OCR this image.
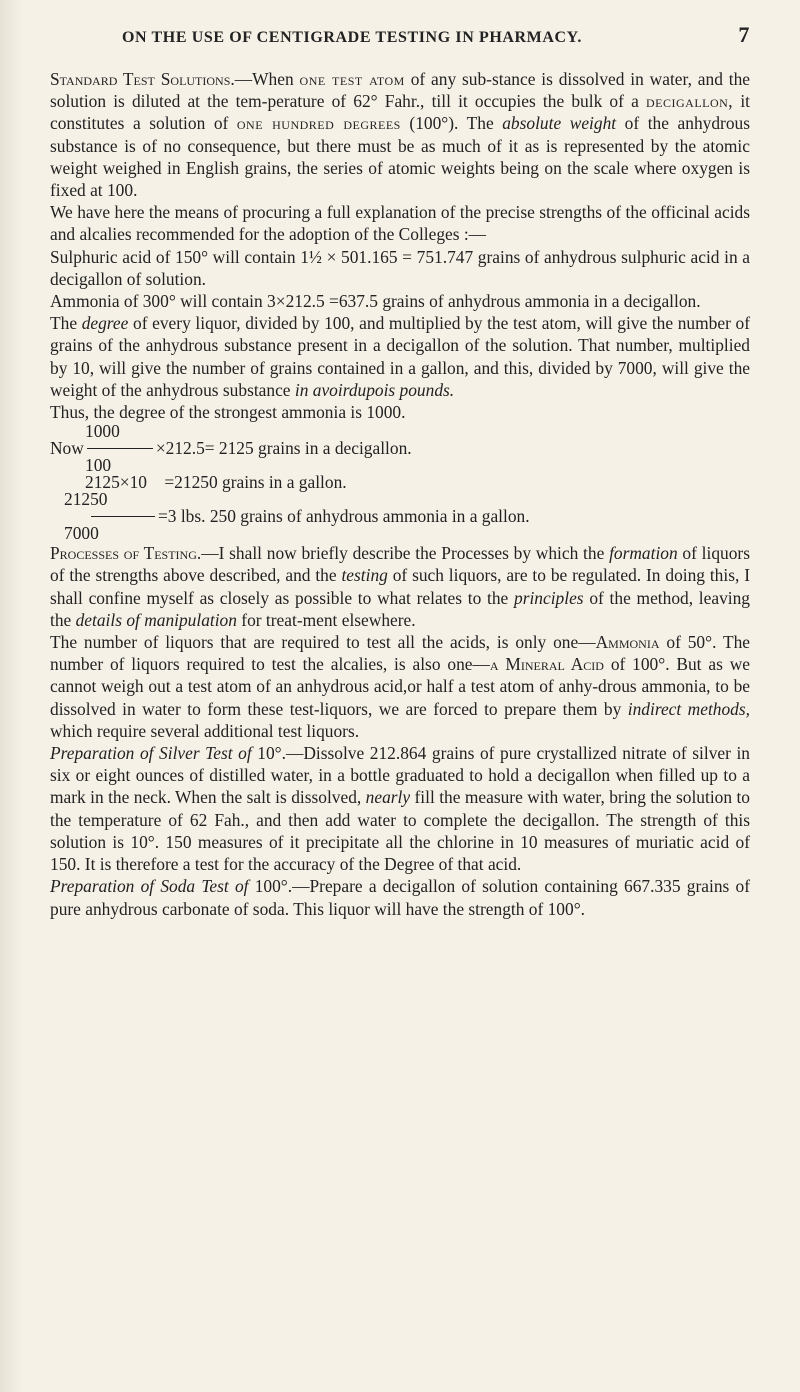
ON THE USE OF CENTIGRADE TESTING IN PHARMACY.	7

Standard Test Solutions.—When one test atom of any sub-stance is dissolved in water, and the solution is diluted at the tem-perature of 62° Fahr., till it occupies the bulk of a decigallon, it constitutes a solution of one hundred degrees (100°). The absolute weight of the anhydrous substance is of no consequence, but there must be as much of it as is represented by the atomic weight weighed in English grains, the series of atomic weights being on the scale where oxygen is fixed at 100.

We have here the means of procuring a full explanation of the precise strengths of the officinal acids and alcalies recommended for the adoption of the Colleges :—

Sulphuric acid of 150° will contain 1½ × 501.165 = 751.747 grains of anhydrous sulphuric acid in a decigallon of solution.

Ammonia of 300° will contain 3×212.5 =637.5 grains of anhydrous ammonia in a decigallon.

The degree of every liquor, divided by 100, and multiplied by the test atom, will give the number of grains of the anhydrous substance present in a decigallon of the solution. That number, multiplied by 10, will give the number of grains contained in a gallon, and this, divided by 7000, will give the weight of the anhydrous substance in avoirdupois pounds.

Thus, the degree of the strongest ammonia is 1000.

1000
Now	×212.5= 2125 grains in a decigallon.
100
2125×10    =21250 grains in a gallon.
21250
=3 lbs. 250 grains of anhydrous ammonia in a gallon.
7000

Processes of Testing.—I shall now briefly describe the Processes by which the formation of liquors of the strengths above described, and the testing of such liquors, are to be regulated. In doing this, I shall confine myself as closely as possible to what relates to the principles of the method, leaving the details of manipulation for treat-ment elsewhere.

The number of liquors that are required to test all the acids, is only one—Ammonia of 50°. The number of liquors required to test the alcalies, is also one—a Mineral Acid of 100°. But as we cannot weigh out a test atom of an anhydrous acid,or half a test atom of anhy-drous ammonia, to be dissolved in water to form these test-liquors, we are forced to prepare them by indirect methods, which require several additional test liquors.

Preparation of Silver Test of 10°.—Dissolve 212.864 grains of pure crystallized nitrate of silver in six or eight ounces of distilled water, in a bottle graduated to hold a decigallon when filled up to a mark in the neck. When the salt is dissolved, nearly fill the measure with water, bring the solution to the temperature of 62 Fah., and then add water to complete the decigallon. The strength of this solution is 10°. 150 measures of it precipitate all the chlorine in 10 measures of muriatic acid of 150. It is therefore a test for the accuracy of the Degree of that acid.

Preparation of Soda Test of 100°.—Prepare a decigallon of solution containing 667.335 grains of pure anhydrous carbonate of soda. This liquor will have the strength of 100°.
